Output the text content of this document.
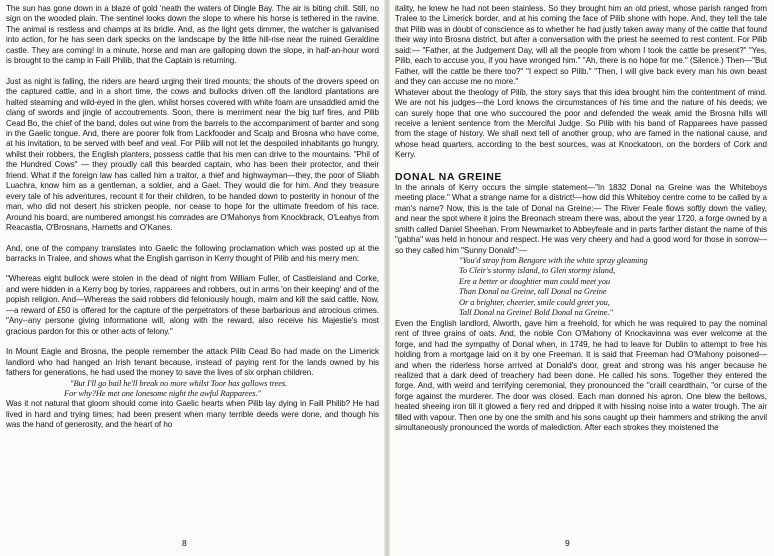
The sun has gone down in a blaze of gold 'neath the waters of Dingle Bay. The air is biting chill. Still, no sign on the wooded plain. The sentinel looks down the slope to where his horse is tethered in the ravine. The animal is restless and champs at its bridle. And, as the light gets dimmer, the watcher is galvanised into action, for he has seen dark specks on the landscape by the little hill-rise near the ruined Geraldine castle. They are coming! In a minute, horse and man are galloping down the slope, in half-an-hour word is brought to the camp in Faill Philib, that the Captain is returning.

Just as night is falling, the riders are heard urging their tired mounts; the shouts of the drovers speed on the captured cattle, and in a short time, the cows and bullocks driven off the landlord plantations are halted steaming and wild-eyed in the glen, whilst horses covered with white foam are unsaddled amid the clang of swords and jingle of accoutrements. Soon, there is merriment near the big turf fires, and Pilib Cead Bo, the chief of the band, doles out wine from the barrels to the accompaniment of banter and song in the Gaelic tongue. And, there are poorer folk from Lackfooder and Scalp and Brosna who have come, at his invitation, to be served with beef and veal. For Pilib will not let the despoiled inhabitants go hungry, whilst their robbers, the English planters, possess cattle that his men can drive to the mountains. "Phil of the Hundred Cows" — they proudly call this bearded captain, who has been their protector, and their friend. What if the foreign law has called him a traitor, a thief and highwayman—they, the poor of Sliabh Luachra, know him as a gentleman, a soldier, and a Gael. They would die for him. And they treasure every tale of his adventures, recount it for their children, to be handed down to posterity in honour of the man, who did not desert his stricken people, nor cease to hope for the ultimate freedom of his race. Around his board, are numbered amongst his comrades are O'Mahonys from Knockbrack, O'Leahys from Reacastla, O'Brosnans, Harnetts and O'Kanes.

And, one of the company translates into Gaelic the following proclamation which was posted up at the barracks in Tralee, and shows what the English garrison in Kerry thought of Pilib and his merry men:

"Whereas eight bullock were stolen in the dead of night from William Fuller, of Castleisland and Corke, and were hidden in a Kerry bog by tories, rapparees and robbers, out in arms 'on their keeping' and of the popish religion. And—Whereas the said robbers did feloniously hough, maim and kill the said cattle, Now,—a reward of £50 is offered for the capture of the perpetrators of these barbarious and atrocious crimes. "Any--any persone giving informatione will, along with the reward, also receive his Majestie's most gracious pardon for this or other acts of felony."

In Mount Eagle and Brosna, the people remember the attack Pilib Cead Bo had made on the Limerick landlord who had hanged an Irish tenant because, instead of paying rent for the lands owned by his fathers for generations, he had used the money to save the lives of six orphan children.

"But I'll go bail he'll break no more whilst Toor has gallows trees.
For why?He met one lonesome night the awful Rapparees."

Was it not natural that gloom should come into Gaelic hearts when Pilib lay dying in Faill Philib? He had lived in hard and trying times; had been present when many terrible deeds were done, and though his was the hand of generosity, and the heart of ho

8

itality, he knew he had not been stainless. So they brought him an old priest, whose parish ranged from Tralee to the Limerick border, and at his coming the face of Pilib shone with hope. And, they tell the tale that Pilib was in doubt of conscience as to whether he had justly taken away many of the cattle that found their way into Brosna district, but after a conversation with the priest he seemed to rest content. For Pilib said:— "Father, at the Judgement Day, will all the people from whom I took the cattle be present?" "Yes, Pilib, each to accuse you, if you have wronged him." "Ah, there is no hope for me." (Silence.) Then—"But Father, will the cattle be there too?" "I expect so Pilib." "Then, I will give back every man his own beast and they can accuse me no more."

Whatever about the theology of Pilib, the story says that this idea brought him the contentment of mind. We are not his judges—the Lord knows the circumstances of his time and the nature of his deeds; we can surely hope that one who succoured the poor and defended the weak amid the Brosna hills will receive a lenient sentence from the Merciful Judge. So Pilib with his band of Rapparees have passed from the stage of history. We shall next tell of another group, who are famed in the national cause, and whose head quarters, according to the best sources, was at Knockatoon, on the borders of Cork and Kerry.

DONAL NA GREINE

In the annals of Kerry occurs the simple statement—"In 1832 Donal na Greine was the Whiteboys meeting place." What a strange name for a district!—how did this Whiteboy centre come to be called by a man's name? Now, this is the tale of Donal na Greine:— The River Feale flows softly down the valley, and near the spot where it joins the Breonach stream there was, about the year 1720, a forge owned by a smith called Daniel Sheehan. From Newmarket to Abbeyfeale and in parts farther distant the name of this "gabha" was held in honour and respect. He was very cheery and had a good word for those in sorrow—so they called him "Sunny Donald":—

"You'd stray from Bengore with the white spray gleaming
To Cleir's stormy island, to Glen stormy island,
Ere a better or doughtier man could meet you
Than Donal na Greine, tall Donal na Greine
Or a brighter, cheerier, smile could greet you,
Tall Donal na Greine! Bold Donal na Greine."

Even the English landlord, Alworth, gave him a freehold, for which he was required to pay the nominal rent of three grains of oats. And, the noble Con O'Mahony of Knockavinna was ever welcome at the forge, and had the sympathy of Donal when, in 1749, he had to leave for Dublin to attempt to free his holding from a mortgage laid on it by one Freeman. It is said that Freeman had O'Mahony poisoned—and when the riderless horse arrived at Donald's door, great and strong was his anger because he realized that a dark deed of treachery had been done. He called his sons. Together they entered the forge. And, with weird and terrifying ceremonial, they pronounced the "craill ceardthain, "or curse of the forge against the murderer. The door was closed. Each man donned his apron. One blew the bellows, heated sheeing iron till it glowed a fiery red and dripped it with hissing noise into a water trough. The air filled with vapour. Then one by one the smith and his sons caught up their hammers and striking the anvil simultaneously pronounced the words of malediction. After each strokes they moistened the

9
